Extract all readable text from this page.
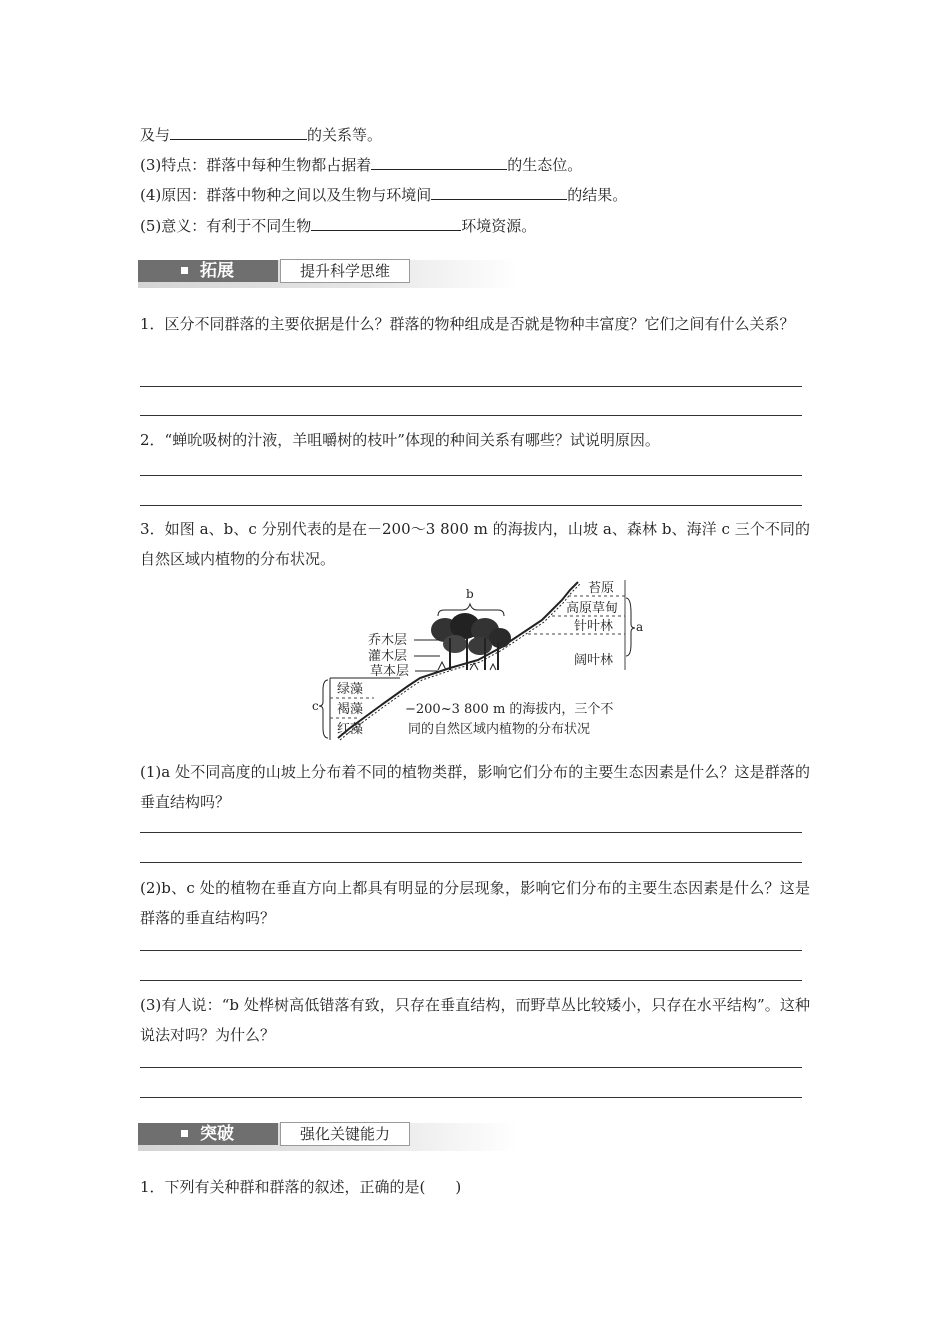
及与	的关系等。
(3)特点：群落中每种生物都占据着	的生态位。
(4)原因：群落中物种之间以及生物与环境间	的结果。
(5)意义：有利于不同生物	环境资源。
拓展	提升科学思维
1．区分不同群落的主要依据是什么？群落的物种组成是否就是物种丰富度？它们之间有什么关系？
2．“蝉吮吸树的汁液，羊咀嚼树的枝叶”体现的种间关系有哪些？试说明原因。
3．如图 a、b、c 分别代表的是在－200～3 800 m 的海拔内，山坡 a、森林 b、海洋 c 三个不同的自然区域内植物的分布状况。
a
苔原
高原草甸
针叶林
阔叶林
b
乔木层
灌木层
草本层
c
绿藻
褐藻
红藻
−200~3 800 m 的海拔内，三个不
同的自然区域内植物的分布状况
(1)a 处不同高度的山坡上分布着不同的植物类群，影响它们分布的主要生态因素是什么？这是群落的垂直结构吗？
(2)b、c 处的植物在垂直方向上都具有明显的分层现象，影响它们分布的主要生态因素是什么？这是群落的垂直结构吗？
(3)有人说：“b 处桦树高低错落有致，只存在垂直结构，而野草丛比较矮小，只存在水平结构”。这种说法对吗？为什么？
突破	强化关键能力
1．下列有关种群和群落的叙述，正确的是(　　)
